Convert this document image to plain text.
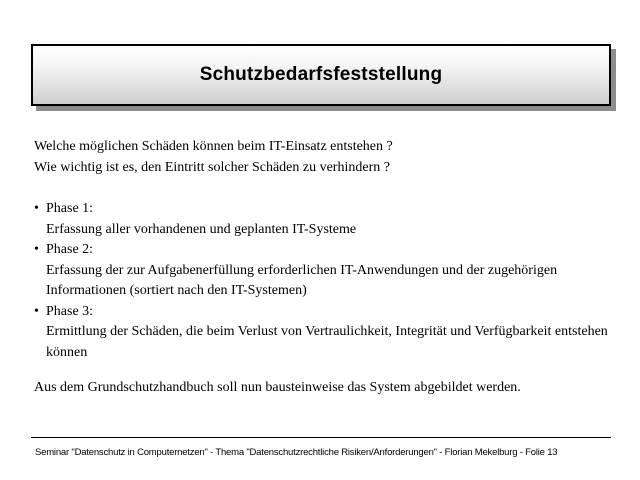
Schutzbedarfsfeststellung

Welche möglichen Schäden können beim IT-Einsatz entstehen ?

Wie wichtig ist es, den Eintritt solcher Schäden zu verhindern ?

• Phase 1:
Erfassung aller vorhandenen und geplanten IT-Systeme
• Phase 2:
Erfassung der zur Aufgabenerfüllung erforderlichen IT-Anwendungen und der zugehörigen Informationen (sortiert nach den IT-Systemen)
• Phase 3:
Ermittlung der Schäden, die beim Verlust von Vertraulichkeit, Integrität und Verfügbarkeit entstehen können

Aus dem Grundschutzhandbuch soll nun bausteinweise das System abgebildet werden.

Seminar "Datenschutz in Computernetzen" - Thema "Datenschutzrechtliche Risiken/Anforderungen" - Florian Mekelburg - Folie 13
